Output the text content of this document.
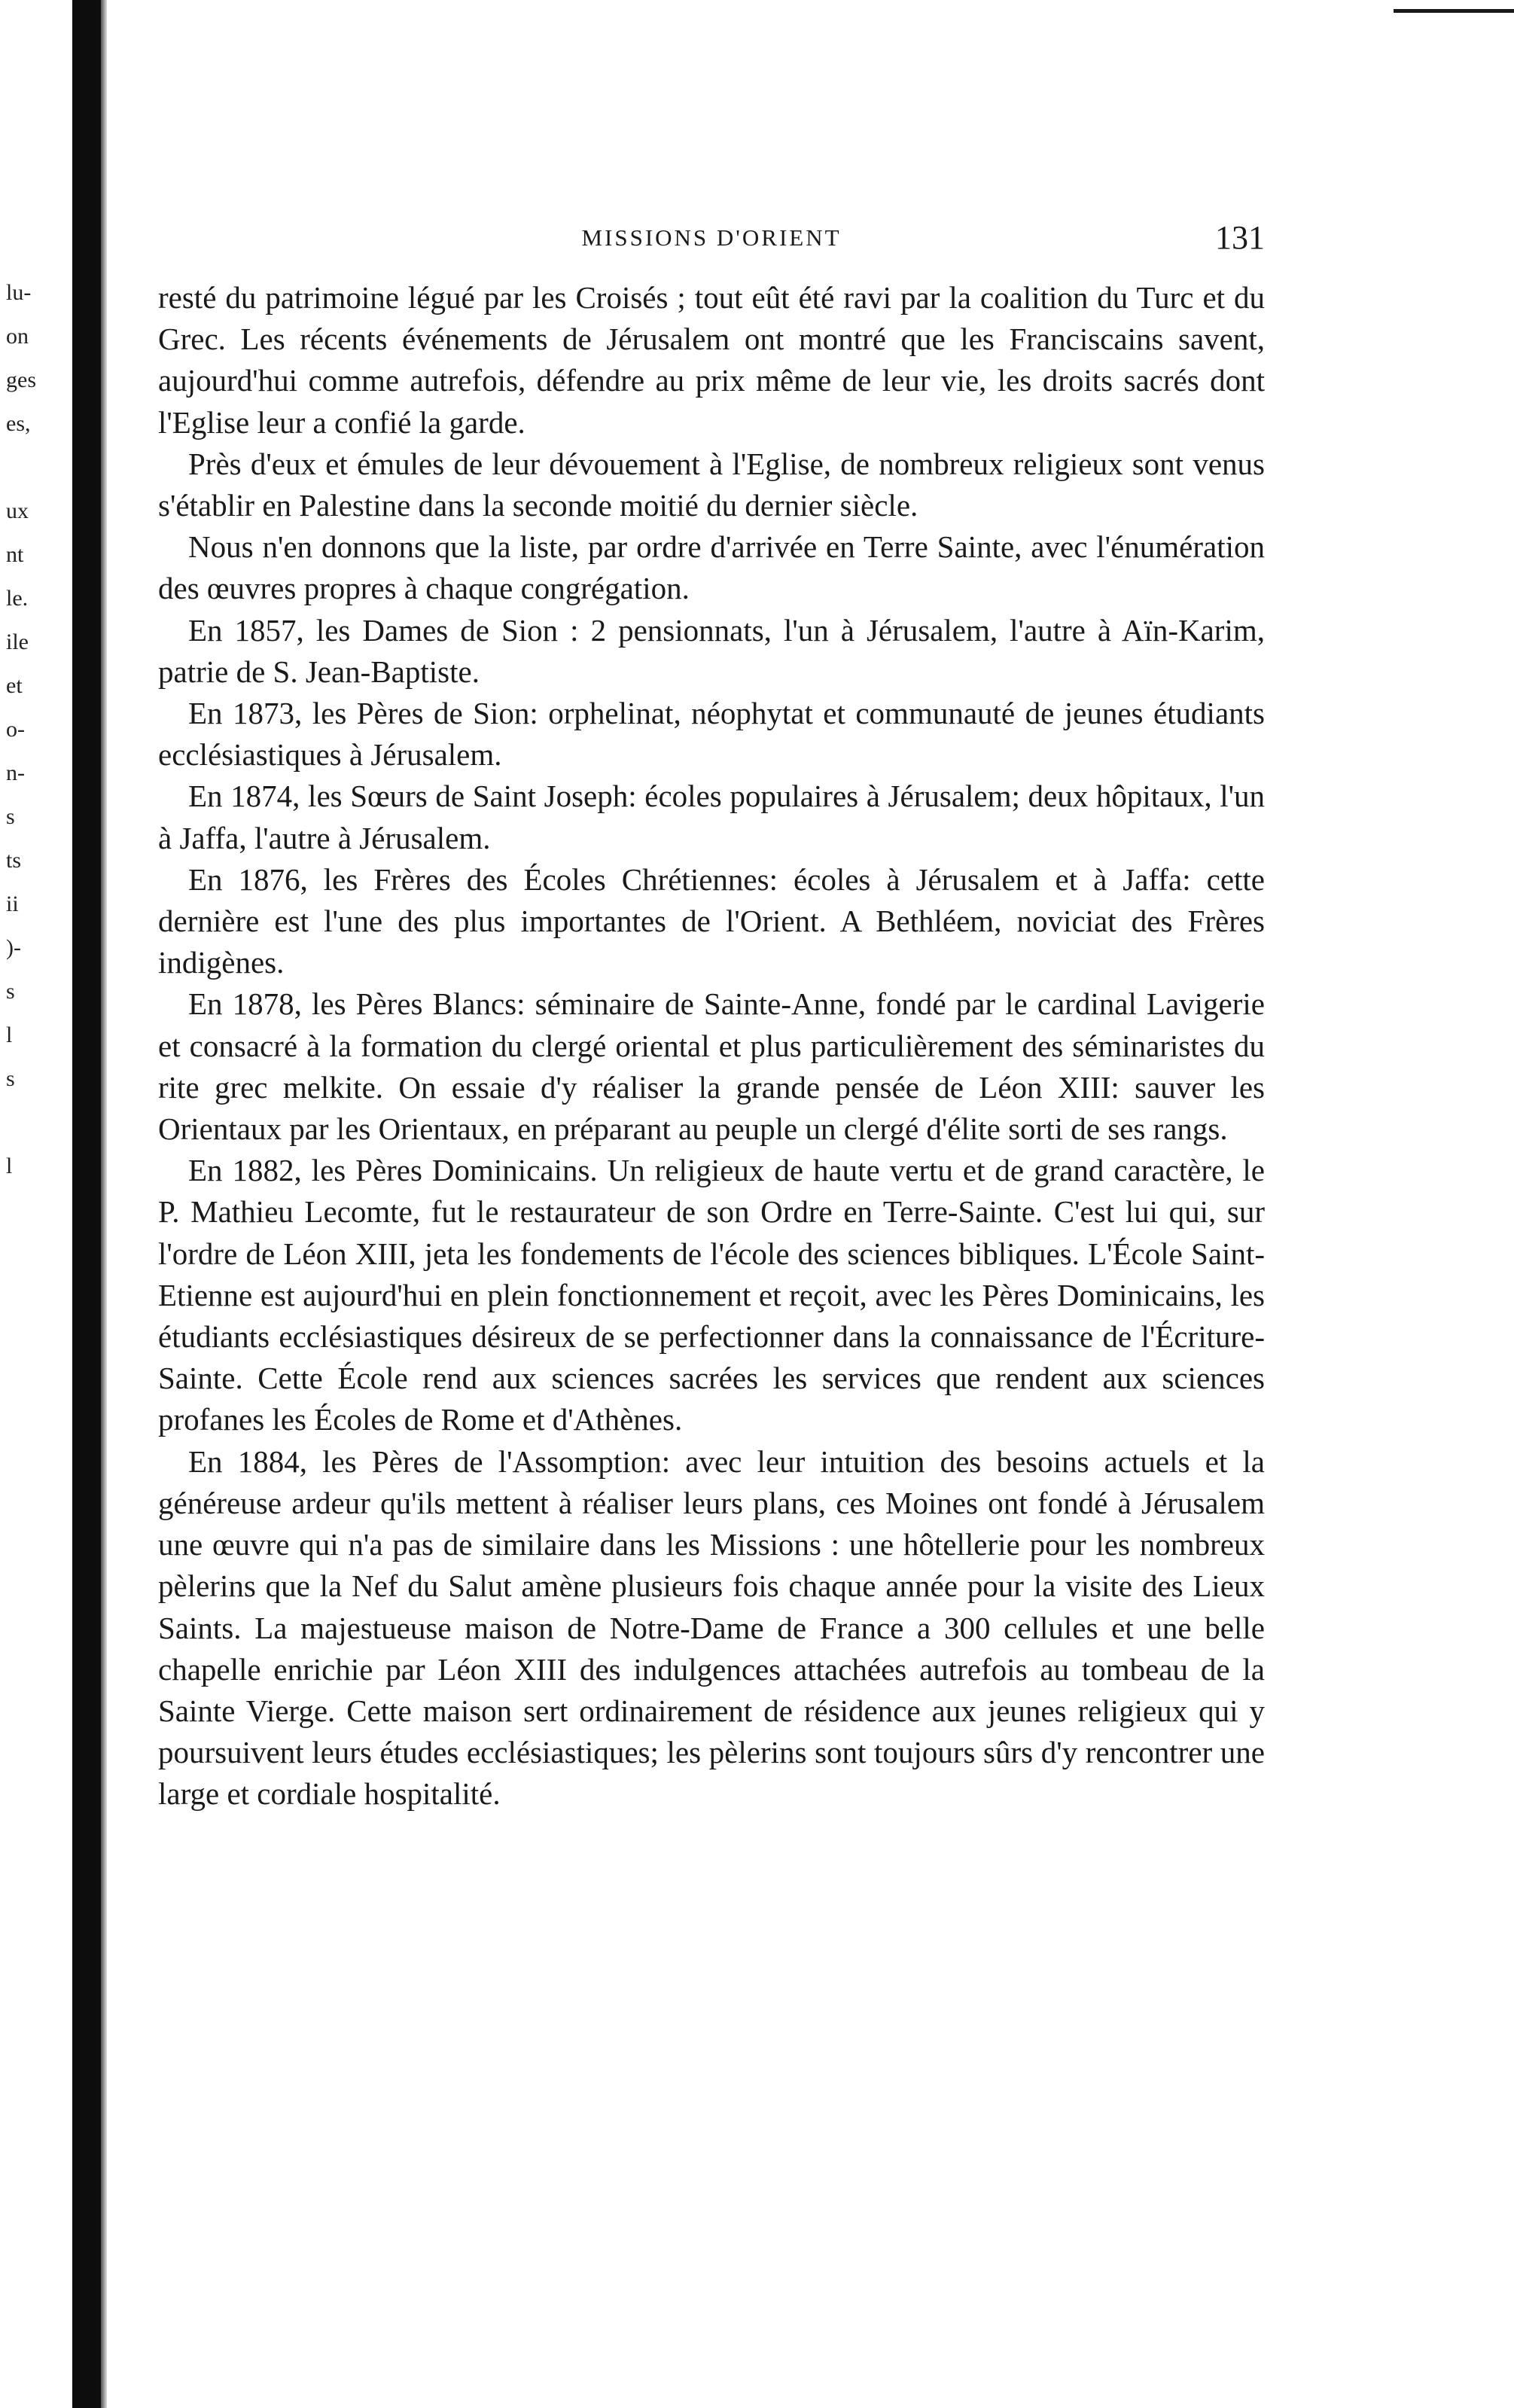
lu-
on
ges
es,
ux
nt
le.
ile
et
o-
n-
s
ts
ii
)-
s
l
s
l
MISSIONS D'ORIENT	131

resté du patrimoine légué par les Croisés ; tout eût été ravi par la coalition du Turc et du Grec. Les récents événements de Jérusalem ont montré que les Franciscains savent, aujourd'hui comme autrefois, défendre au prix même de leur vie, les droits sacrés dont l'Eglise leur a confié la garde.

Près d'eux et émules de leur dévouement à l'Eglise, de nombreux religieux sont venus s'établir en Palestine dans la seconde moitié du dernier siècle.

Nous n'en donnons que la liste, par ordre d'arrivée en Terre Sainte, avec l'énumération des œuvres propres à chaque congrégation.

En 1857, les Dames de Sion : 2 pensionnats, l'un à Jérusalem, l'autre à Aïn-Karim, patrie de S. Jean-Baptiste.

En 1873, les Pères de Sion: orphelinat, néophytat et communauté de jeunes étudiants ecclésiastiques à Jérusalem.

En 1874, les Sœurs de Saint Joseph: écoles populaires à Jérusalem; deux hôpitaux, l'un à Jaffa, l'autre à Jérusalem.

En 1876, les Frères des Écoles Chrétiennes: écoles à Jérusalem et à Jaffa: cette dernière est l'une des plus importantes de l'Orient. A Bethléem, noviciat des Frères indigènes.

En 1878, les Pères Blancs: séminaire de Sainte-Anne, fondé par le cardinal Lavigerie et consacré à la formation du clergé oriental et plus particulièrement des séminaristes du rite grec melkite. On essaie d'y réaliser la grande pensée de Léon XIII: sauver les Orientaux par les Orientaux, en préparant au peuple un clergé d'élite sorti de ses rangs.

En 1882, les Pères Dominicains. Un religieux de haute vertu et de grand caractère, le P. Mathieu Lecomte, fut le restaurateur de son Ordre en Terre-Sainte. C'est lui qui, sur l'ordre de Léon XIII, jeta les fondements de l'école des sciences bibliques. L'École Saint-Etienne est aujourd'hui en plein fonctionnement et reçoit, avec les Pères Dominicains, les étudiants ecclésiastiques désireux de se perfectionner dans la connaissance de l'Écriture-Sainte. Cette École rend aux sciences sacrées les services que rendent aux sciences profanes les Écoles de Rome et d'Athènes.

En 1884, les Pères de l'Assomption: avec leur intuition des besoins actuels et la généreuse ardeur qu'ils mettent à réaliser leurs plans, ces Moines ont fondé à Jérusalem une œuvre qui n'a pas de similaire dans les Missions : une hôtellerie pour les nombreux pèlerins que la Nef du Salut amène plusieurs fois chaque année pour la visite des Lieux Saints. La majestueuse maison de Notre-Dame de France a 300 cellules et une belle chapelle enrichie par Léon XIII des indulgences attachées autrefois au tombeau de la Sainte Vierge. Cette maison sert ordinairement de résidence aux jeunes religieux qui y poursuivent leurs études ecclésiastiques; les pèlerins sont toujours sûrs d'y rencontrer une large et cordiale hospitalité.
